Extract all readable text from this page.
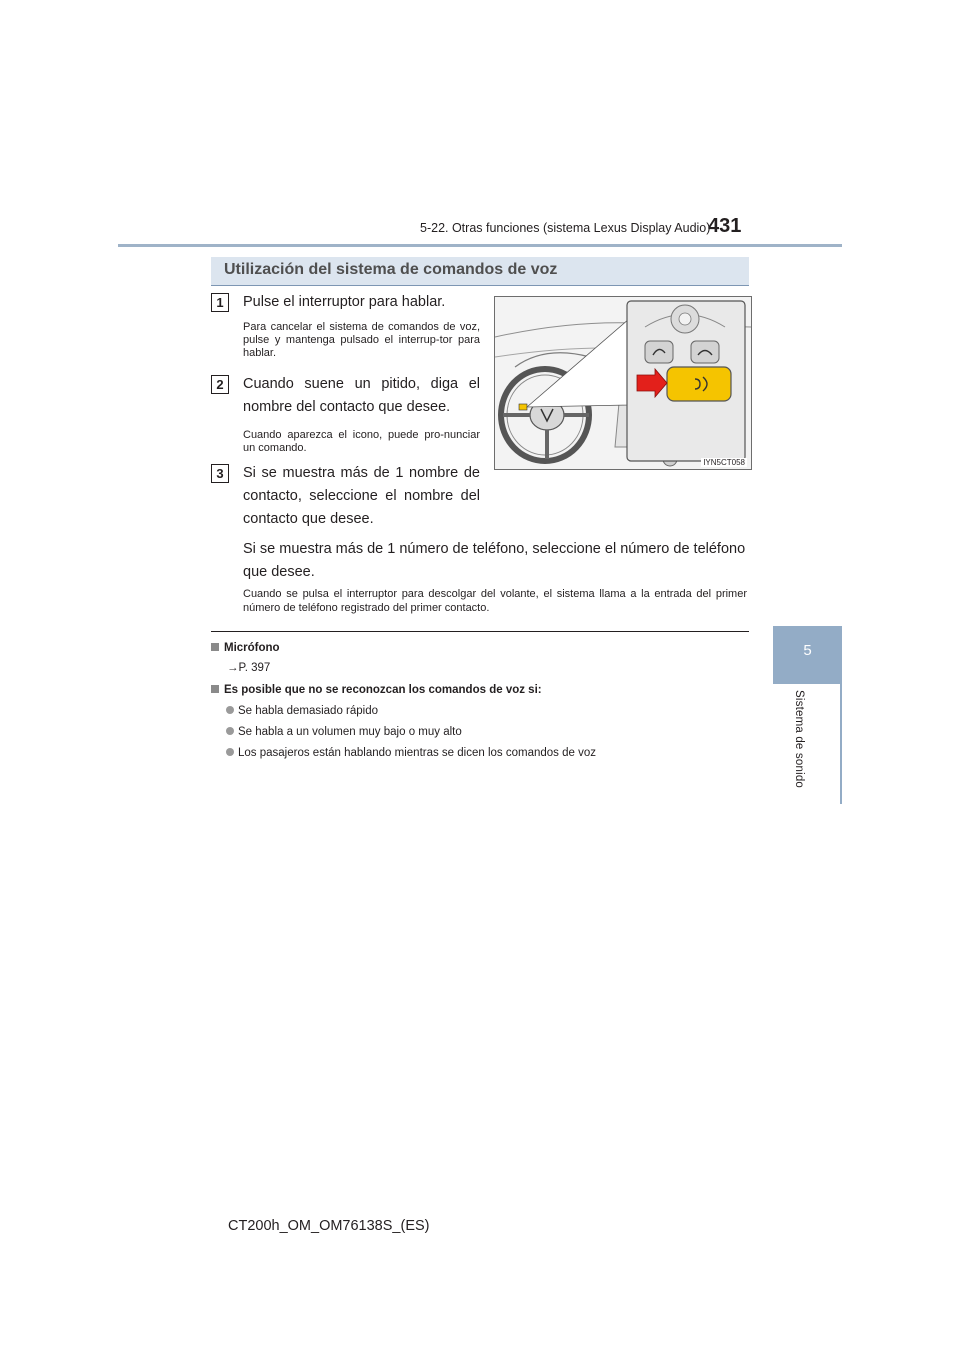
5-22. Otras funciones (sistema Lexus Display Audio)
431
5
Sistema de sonido
Utilización del sistema de comandos de voz
1	Pulse el interruptor para hablar.
Para cancelar el sistema de comandos de voz, pulse y mantenga pulsado el interrup-tor para hablar.
2	Cuando suene un pitido, diga el nombre del contacto que desee.
Cuando aparezca el icono, puede pro-nunciar un comando.
3	Si se muestra más de 1 nombre de contacto, seleccione el nombre del contacto que desee.
Si se muestra más de 1 número de teléfono, seleccione el número de teléfono que desee.
Cuando se pulsa el interruptor para descolgar del volante, el sistema llama a la entrada del primer número de teléfono registrado del primer contacto.
IYN5CT058
Micrófono
→P. 397
Es posible que no se reconozcan los comandos de voz si:
Se habla demasiado rápido
Se habla a un volumen muy bajo o muy alto
Los pasajeros están hablando mientras se dicen los comandos de voz
CT200h_OM_OM76138S_(ES)
